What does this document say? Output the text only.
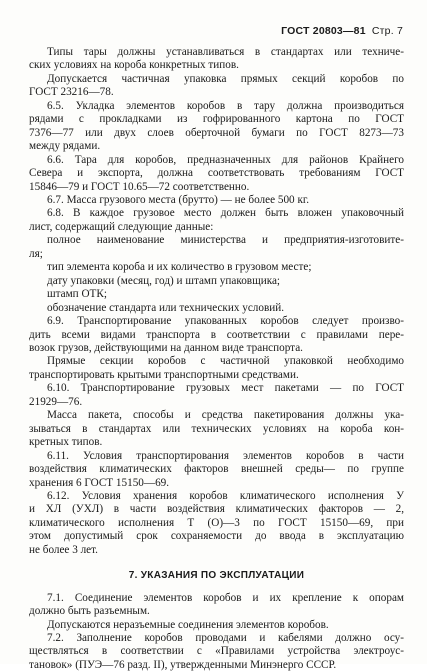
ГОСТ 20803—81 Стр. 7
Типы тары должны устанавливаться в стандартах или техниче-
ских условиях на короба конкретных типов.
Допускается частичная упаковка прямых секций коробов по
ГОСТ 23216—78.
6.5. Укладка элементов коробов в тару должна производиться
рядами с прокладками из гофрированного картона по ГОСТ
7376—77 или двух слоев оберточной бумаги по ГОСТ 8273—73
между рядами.
6.6. Тара для коробов, предназначенных для районов Крайнего
Севера и экспорта, должна соответствовать требованиям ГОСТ
15846—79 и ГОСТ 10.65—72 соответственно.
6.7. Масса грузового места (брутто) — не более 500 кг.
6.8. В каждое грузовое место должен быть вложен упаковочный
лист, содержащий следующие данные:
полное наименование министерства и предприятия-изготовите-
ля;
тип элемента короба и их количество в грузовом месте;
дату упаковки (месяц, год) и штамп упаковщика;
штамп ОТК;
обозначение стандарта или технических условий.
6.9. Транспортирование упакованных коробов следует произво-
дить всеми видами транспорта в соответствии с правилами пере-
возок грузов, действующими на данном виде транспорта.
Прямые секции коробов с частичной упаковкой необходимо
транспортировать крытыми транспортными средствами.
6.10. Транспортирование грузовых мест пакетами — по ГОСТ
21929—76.
Масса пакета, способы и средства пакетирования должны ука-
зываться в стандартах или технических условиях на короба кон-
кретных типов.
6.11. Условия транспортирования элементов коробов в части
воздействия климатических факторов внешней среды— по группе
хранения 6 ГОСТ 15150—69.
6.12. Условия хранения коробов климатического исполнения У
и ХЛ (УХЛ) в части воздействия климатических факторов — 2,
климатического исполнения Т (О)—3 по ГОСТ 15150—69, при
этом допустимый срок сохраняемости до ввода в эксплуатацию
не более 3 лет.
7. УКАЗАНИЯ ПО ЭКСПЛУАТАЦИИ
7.1. Соединение элементов коробов и их крепление к опорам
должно быть разъемным.
Допускаются неразъемные соединения элементов коробов.
7.2. Заполнение коробов проводами и кабелями должно осу-
ществляться в соответствии с «Правилами устройства электроус-
тановок» (ПУЭ—76 разд. II), утвержденными Минэнерго СССР.
